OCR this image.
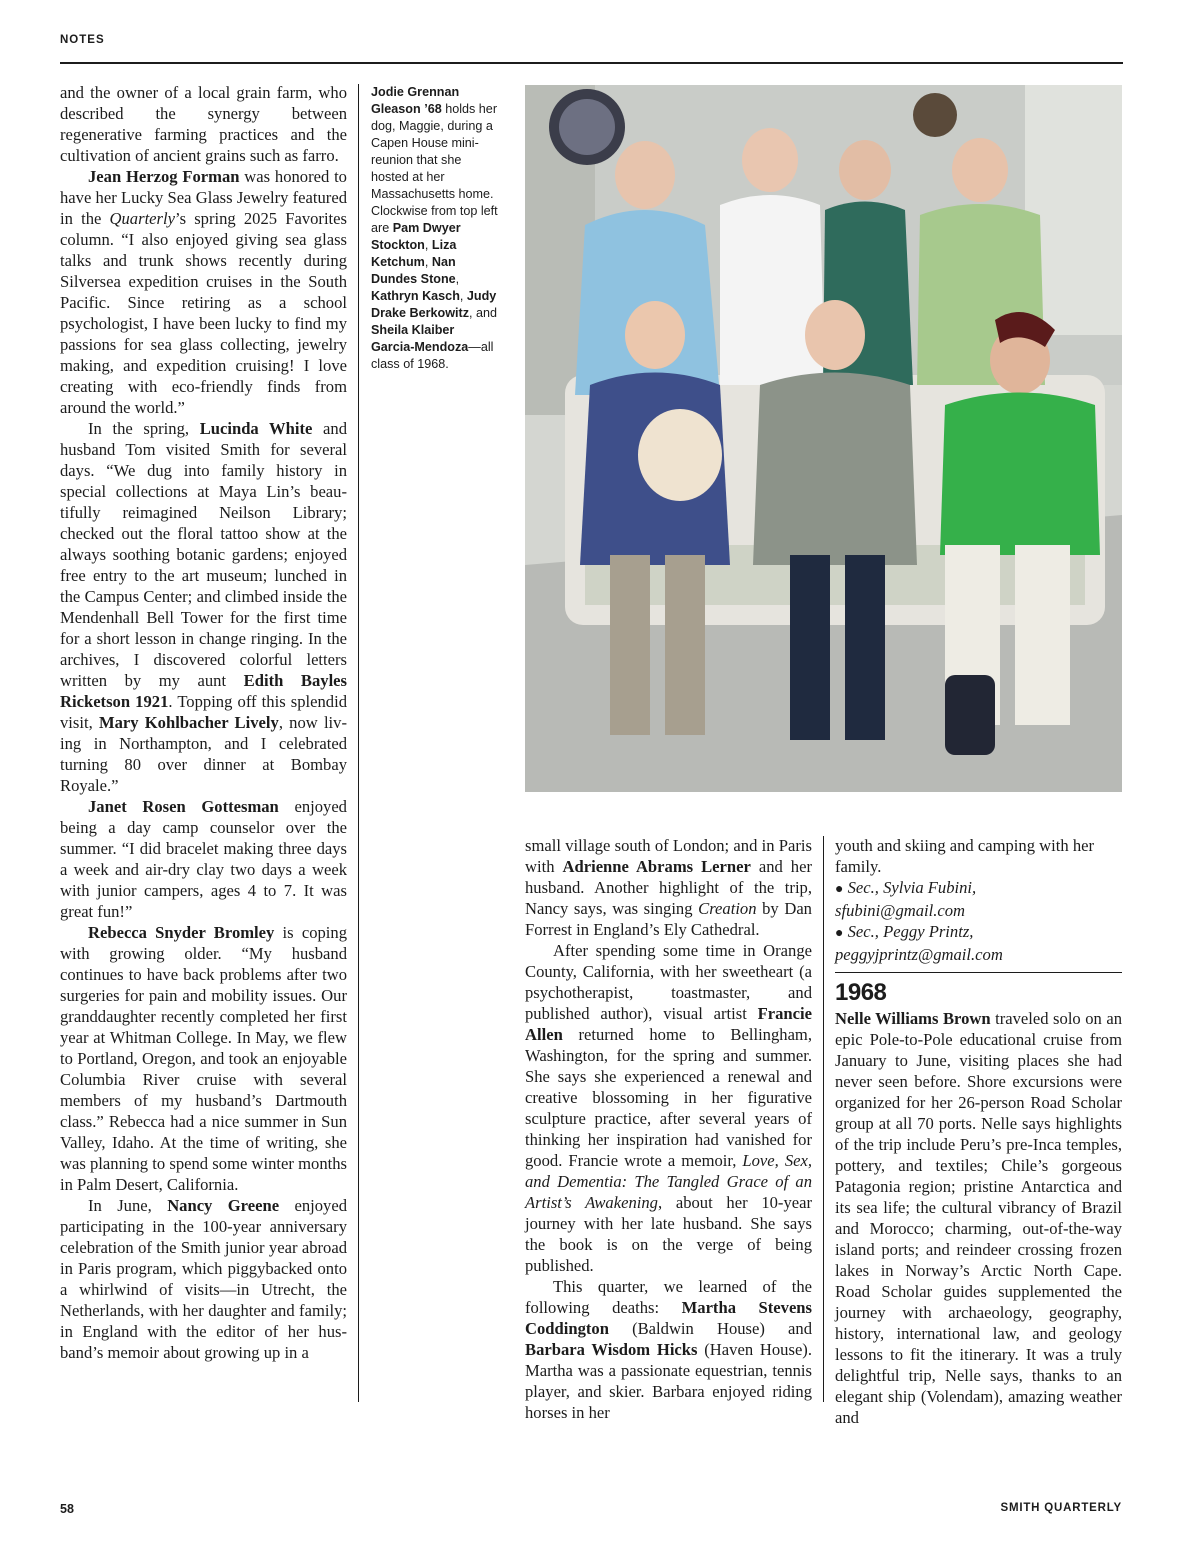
NOTES

and the owner of a local grain farm, who described the synergy between regenerative farming practices and the cultivation of ancient grains such as farro.

Jean Herzog Forman was honored to have her Lucky Sea Glass Jewelry featured in the Quarterly’s spring 2025 Favorites column. “I also enjoyed giving sea glass talks and trunk shows recently during Silversea expedition cruises in the South Pacific. Since retiring as a school psychologist, I have been lucky to find my passions for sea glass collecting, jewelry making, and expedition cruising! I love creating with eco-friendly finds from around the world.”

In the spring, Lucinda White and husband Tom visited Smith for several days. “We dug into family history in special collections at Maya Lin’s beautifully reimagined Neilson Library; checked out the floral tattoo show at the always soothing botanic gardens; enjoyed free entry to the art museum; lunched in the Campus Center; and climbed inside the Mendenhall Bell Tower for the first time for a short lesson in change ringing. In the archives, I discovered colorful letters written by my aunt Edith Bayles Ricketson 1921. Topping off this splendid visit, Mary Kohlbacher Lively, now living in Northampton, and I celebrated turning 80 over dinner at Bombay Royale.”

Janet Rosen Gottesman enjoyed being a day camp counselor over the summer. “I did bracelet making three days a week and air-dry clay two days a week with junior campers, ages 4 to 7. It was great fun!”

Rebecca Snyder Bromley is coping with growing older. “My husband continues to have back problems after two surgeries for pain and mobility issues. Our granddaughter recently completed her first year at Whitman College. In May, we flew to Portland, Oregon, and took an enjoyable Columbia River cruise with several members of my husband’s Dartmouth class.” Rebecca had a nice summer in Sun Valley, Idaho. At the time of writing, she was planning to spend some winter months in Palm Desert, California.

In June, Nancy Greene enjoyed participating in the 100-year anniversary celebration of the Smith junior year abroad in Paris program, which piggybacked onto a whirlwind of visits—in Utrecht, the Netherlands, with her daughter and family; in England with the editor of her husband’s memoir about growing up in a

Jodie Grennan Gleason ’68 holds her dog, Maggie, during a Capen House mini-reunion that she hosted at her Massachusetts home. Clockwise from top left are Pam Dwyer Stockton, Liza Ketchum, Nan Dundes Stone, Kathryn Kasch, Judy Drake Berkowitz, and Sheila Klaiber Garcia-Mendoza—all class of 1968.

small village south of London; and in Paris with Adrienne Abrams Lerner and her husband. Another highlight of the trip, Nancy says, was singing Creation by Dan Forrest in England’s Ely Cathedral.

After spending some time in Orange County, California, with her sweetheart (a psychotherapist, toastmaster, and published author), visual artist Francie Allen returned home to Bellingham, Washington, for the spring and summer. She says she experienced a renewal and creative blossoming in her figurative sculpture practice, after several years of thinking her inspiration had vanished for good. Francie wrote a memoir, Love, Sex, and Dementia: The Tangled Grace of an Artist’s Awakening, about her 10-year journey with her late husband. She says the book is on the verge of being published.

This quarter, we learned of the following deaths: Martha Stevens Coddington (Baldwin House) and Barbara Wisdom Hicks (Haven House). Martha was a passionate equestrian, tennis player, and skier. Barbara enjoyed riding horses in her

youth and skiing and camping with her family.

● Sec., Sylvia Fubini,
sfubini@gmail.com
● Sec., Peggy Printz,
peggyjprintz@gmail.com
1968

Nelle Williams Brown traveled solo on an epic Pole-to-Pole educational cruise from January to June, visiting places she had never seen before. Shore excursions were organized for her 26-person Road Scholar group at all 70 ports. Nelle says highlights of the trip include Peru’s pre-Inca temples, pottery, and textiles; Chile’s gorgeous Patagonia region; pristine Antarctica and its sea life; the cultural vibrancy of Brazil and Morocco; charming, out-of-the-way island ports; and reindeer crossing frozen lakes in Norway’s Arctic North Cape. Road Scholar guides supplemented the journey with archaeology, geography, history, international law, and geology lessons to fit the itinerary. It was a truly delightful trip, Nelle says, thanks to an elegant ship (Volendam), amazing weather and

58	SMITH QUARTERLY
